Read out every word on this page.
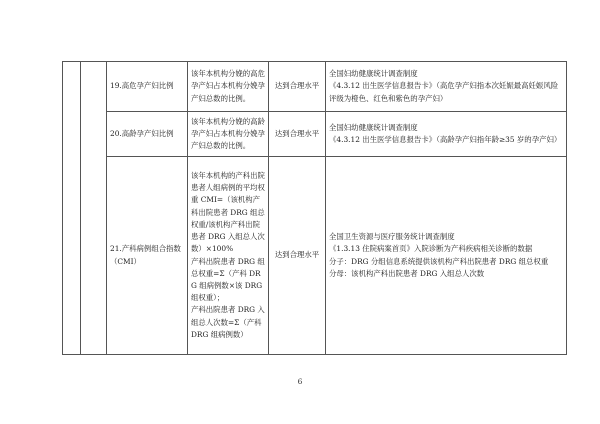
		19.高危孕产妇比例	该年本机构分娩的高危孕产妇占本机构分娩孕产妇总数的比例。	达到合理水平	全国妇幼健康统计调查制度
《4.3.12 出生医学信息报告卡》（高危孕产妇指本次妊娠最高妊娠风险评级为橙色、红色和紫色的孕产妇）

		20.高龄孕产妇比例	该年本机构分娩的高龄孕产妇占本机构分娩孕产妇总数的比例。	达到合理水平	全国妇幼健康统计调查制度
《4.3.12 出生医学信息报告卡》（高龄孕产妇指年龄≥35 岁的孕产妇）

		21.产科病例组合指数（CMI）	该年本机构的产科出院患者人组病例的平均权重 CMI=（该机构产科出院患者 DRG 组总权重/该机构产科出院患者 DRG 入组总人次数）×100%
产科出院患者 DRG 组总权重=Σ（产科 DRG 组病例数×该 DRG 组权重）；
产科出院患者 DRG 入组总人次数=Σ（产科 DRG 组病例数）	达到合理水平	全国卫生资源与医疗服务统计调查制度
《1.3.13 住院病案首页》入院诊断为产科疾病相关诊断的数据
分子：DRG 分组信息系统提供该机构产科出院患者 DRG 组总权重
分母：该机构产科出院患者 DRG 入组总人次数
6
